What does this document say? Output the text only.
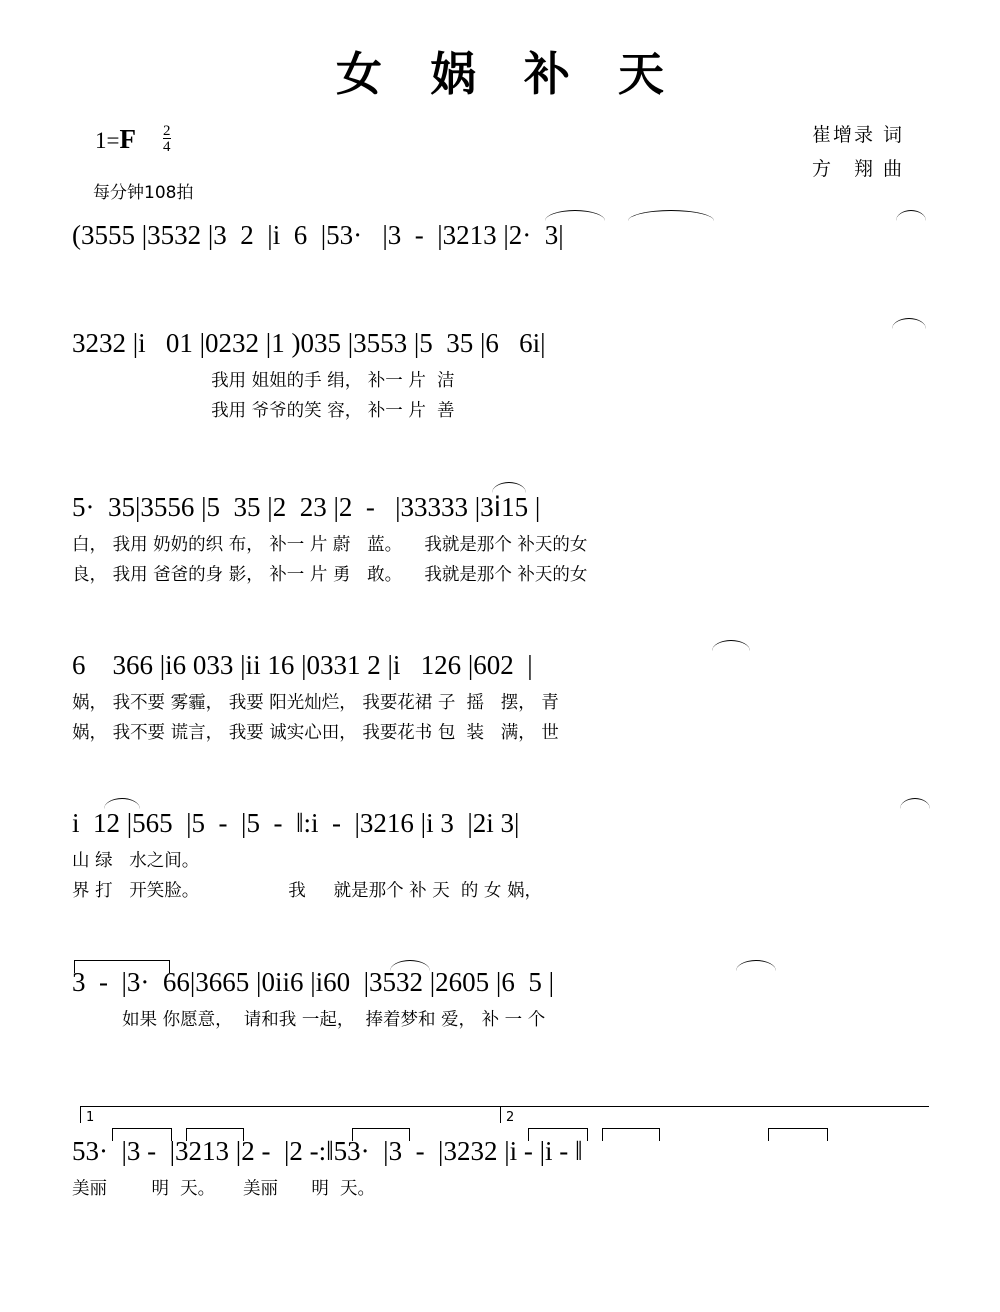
女 娲 补 天
崔增录 词
方　翔 曲
$1=F \frac{2}{4}$
每分钟108拍
(3555 |3532 |3  2  |i  6  |53·   |3  -  |3213 |2·  3|
3232 |i   01 |0232 |1 )035 |3553 |5  35 |6   6i|
我用 姐姐的手 绢， 补一 片  洁
我用 爷爷的笑 容， 补一 片  善
5·  35|3556 |5  35 |2  23 |2  -   |33333 |3ⅰ15 |
白， 我用 奶奶的织 布， 补一 片 蔚   蓝。    我就是那个 补天的女
良， 我用 爸爸的身 影， 补一 片 勇   敢。    我就是那个 补天的女
6    366 |i6 033 |ii 16 |0331 2 |i   126 |602  |
娲， 我不要 雾霾， 我要 阳光灿烂， 我要花裙 子  摇   摆， 青
娲， 我不要 谎言， 我要 诚实心田， 我要花书 包  装   满， 世
i  12 |565  |5  -  |5  -  ‖:i  -  |3216 |i 3  |2i 3|
山 绿   水之间。
界 打   开笑脸。                我     就是那个 补 天  的 女 娲，
3  -  |3·  66|3665 |0ii6 |i60  |3532 |2605 |6  5 |
如果 你愿意，  请和我 一起，  捧着梦和 爱， 补 一 个
1	2
53·  |3 -  |3213 |2 -  |2 -:‖53·  |3  -  |3232 |i - |i - ‖
美丽        明  天。     美丽      明  天。
